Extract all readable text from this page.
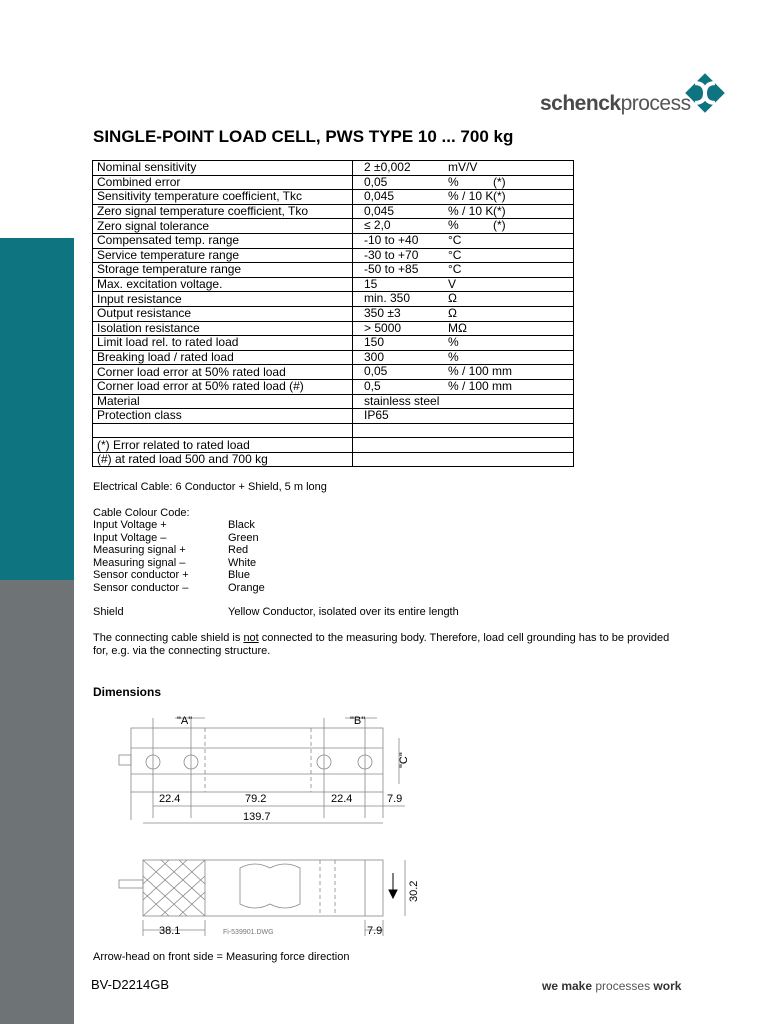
schenckprocess
SINGLE-POINT LOAD CELL, PWS TYPE 10 ... 700 kg
Nominal sensitivity	2 ±0,002 mV/V

Combined error	0,05 % (*)

Sensitivity temperature coefficient, Tkc	0,045 % / 10 K (*)

Zero signal temperature coefficient, Tko	0,045 % / 10 K (*)

Zero signal tolerance	≤ 2,0 % (*)

Compensated temp. range	-10 to +40 °C

Service temperature range	-30 to +70 °C

Storage temperature range	-50 to +85 °C

Max. excitation voltage.	15 V

Input resistance	min. 350 Ω

Output resistance	350 ±3 Ω

Isolation resistance	> 5000 MΩ

Limit load rel. to rated load	150 %

Breaking load / rated load	300 %

Corner load error at 50% rated load	0,05 % / 100 mm

Corner load error at 50% rated load (#)	0,5 % / 100 mm

Material	stainless steel

Protection class	IP65

(*) Error related to rated load	

(#) at rated load 500 and 700 kg	
Electrical Cable: 6 Conductor + Shield, 5 m long
Cable Colour Code:
Input Voltage +	Black
Input Voltage –	Green
Measuring signal +	Red
Measuring signal –	White
Sensor conductor +	Blue
Sensor conductor –	Orange
Shield	Yellow Conductor, isolated over its entire length
The connecting cable shield is not connected to the measuring body. Therefore, load cell grounding has to be provided for, e.g. via the connecting structure.
Dimensions
"A"	"B"
"C"
22.4	79.2	22.4	7.9
139.7
30.2
38.1	7.9
Fi-539901.DWG
Arrow-head on front side = Measuring force direction
BV-D2214GB	we make processes work
